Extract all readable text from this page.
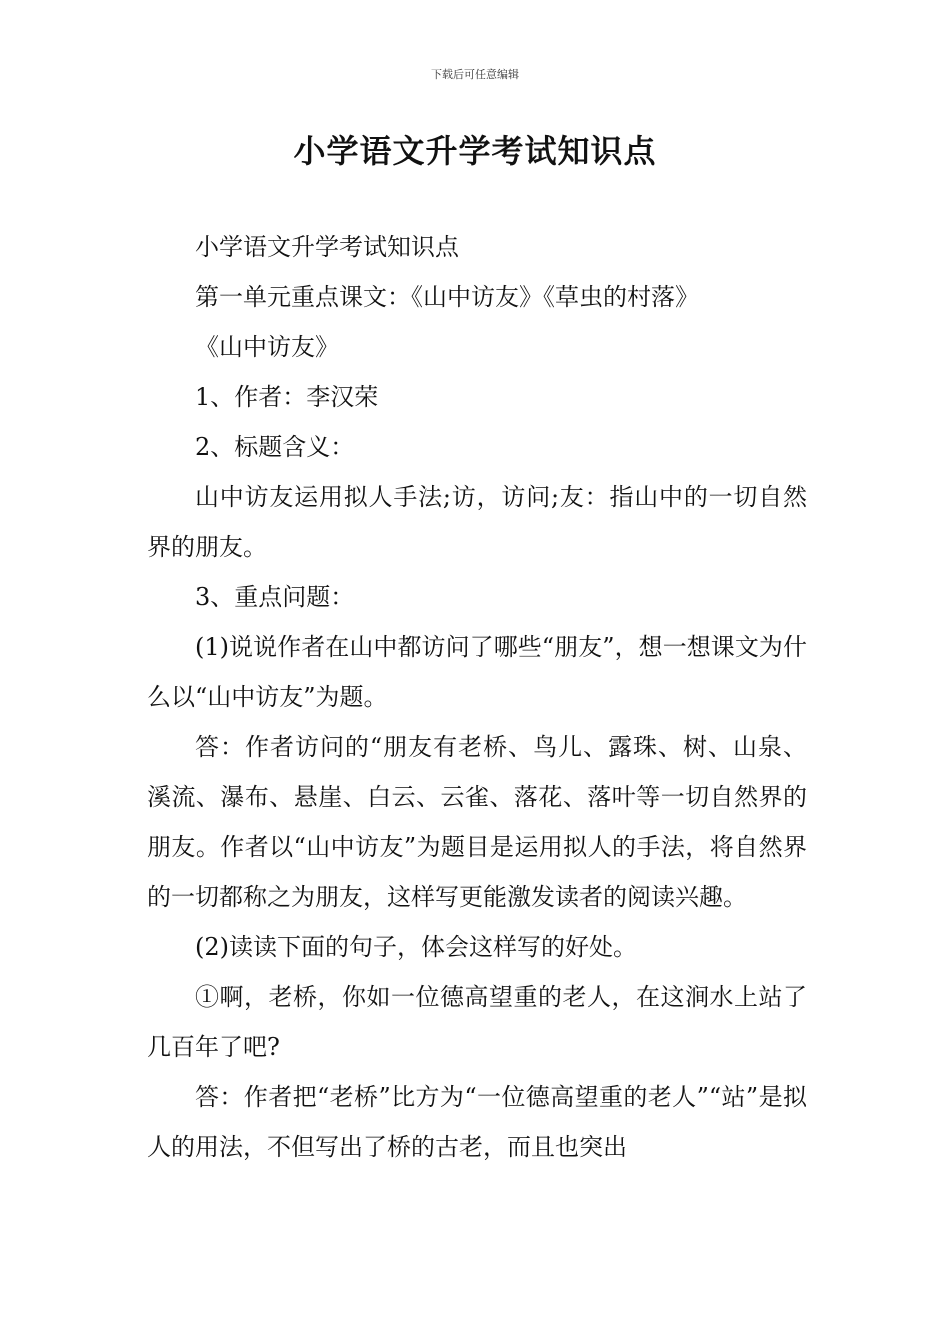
下载后可任意编辑
小学语文升学考试知识点

小学语文升学考试知识点

第一单元重点课文：《山中访友》《草虫的村落》

《山中访友》

1、作者：李汉荣

2、标题含义：

山中访友运用拟人手法;访，访问;友：指山中的一切自然界的朋友。

3、重点问题：

(1)说说作者在山中都访问了哪些“朋友”，想一想课文为什么以“山中访友”为题。

答：作者访问的“朋友有老桥、鸟儿、露珠、树、山泉、溪流、瀑布、悬崖、白云、云雀、落花、落叶等一切自然界的朋友。作者以“山中访友”为题目是运用拟人的手法，将自然界的一切都称之为朋友，这样写更能激发读者的阅读兴趣。

(2)读读下面的句子，体会这样写的好处。

①啊，老桥，你如一位德高望重的老人，在这涧水上站了几百年了吧?

答：作者把“老桥”比方为“一位德高望重的老人”“站”是拟人的用法，不但写出了桥的古老，而且也突出
